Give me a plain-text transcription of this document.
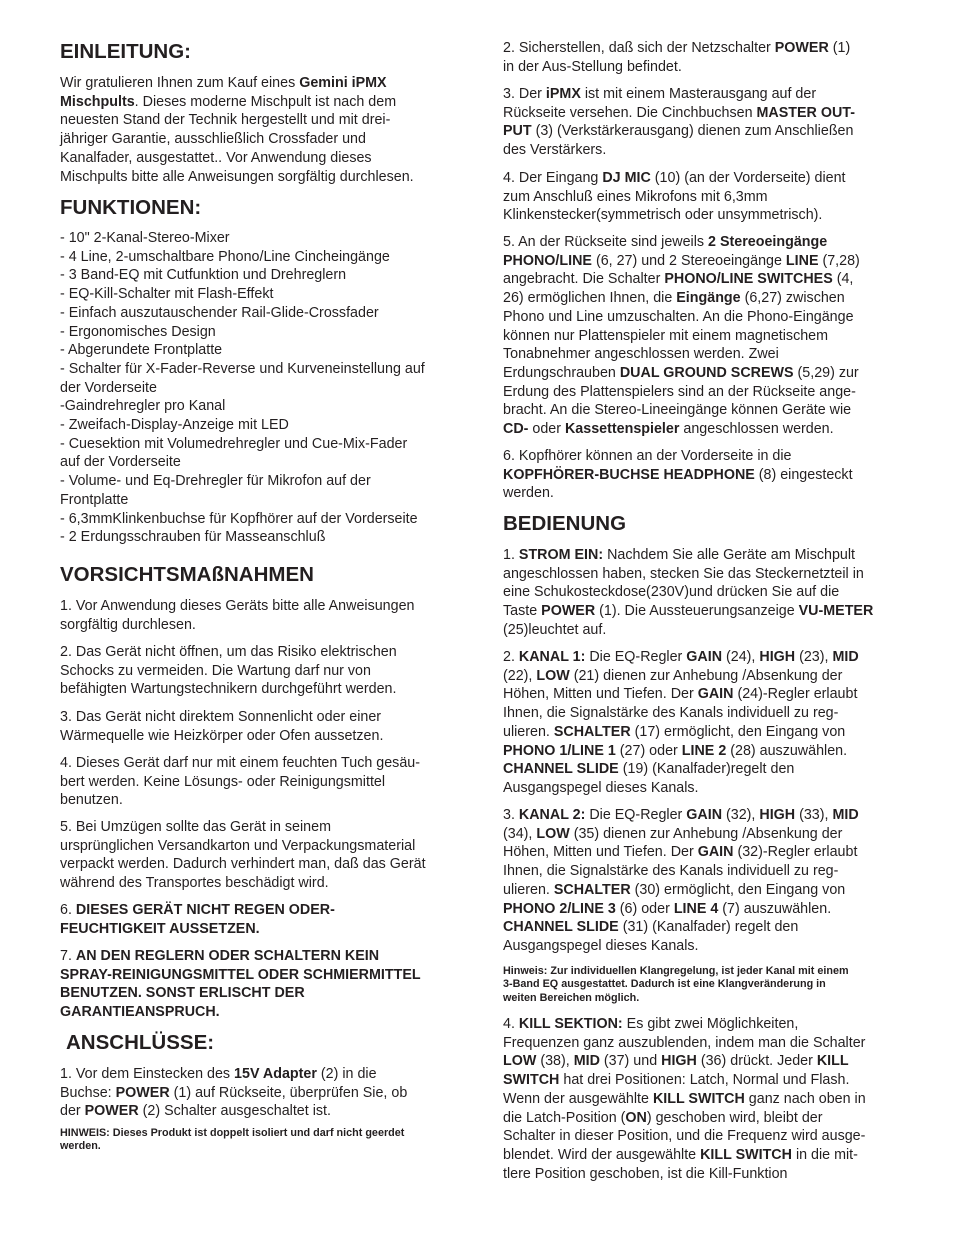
EINLEITUNG:
Wir gratulieren Ihnen zum Kauf eines Gemini iPMX
Mischpults. Dieses moderne Mischpult ist nach dem
neuesten Stand der Technik hergestellt und mit drei-
jähriger Garantie, ausschließlich Crossfader und
Kanalfader, ausgestattet.. Vor Anwendung dieses
Mischpults bitte alle Anweisungen sorgfältig durchlesen.
FUNKTIONEN:
- 10" 2-Kanal-Stereo-Mixer
- 4 Line, 2-umschaltbare Phono/Line Cincheingänge
- 3 Band-EQ mit Cutfunktion und Drehreglern
- EQ-Kill-Schalter mit Flash-Effekt
- Einfach auszutauschender Rail-Glide-Crossfader
- Ergonomisches Design
- Abgerundete Frontplatte
- Schalter für X-Fader-Reverse und Kurveneinstellung auf
der Vorderseite
-Gaindrehregler pro Kanal
- Zweifach-Display-Anzeige mit LED
- Cuesektion mit Volumedrehregler und Cue-Mix-Fader
auf der Vorderseite
- Volume- und Eq-Drehregler für Mikrofon auf der
Frontplatte
- 6,3mmKlinkenbuchse für Kopfhörer auf der Vorderseite
- 2 Erdungsschrauben für Masseanschluß
VORSICHTSMAßNAHMEN
1. Vor Anwendung dieses Geräts bitte alle Anweisungen
sorgfältig durchlesen.
2. Das Gerät nicht öffnen, um das Risiko elektrischen
Schocks zu vermeiden. Die Wartung darf nur von
befähigten Wartungstechnikern durchgeführt werden.
3. Das Gerät nicht direktem Sonnenlicht oder einer
Wärmequelle wie Heizkörper oder Ofen aussetzen.
4. Dieses Gerät darf nur mit einem feuchten Tuch gesäu-
bert werden. Keine Lösungs- oder Reinigungsmittel
benutzen.
5. Bei Umzügen sollte das Gerät in seinem
ursprünglichen Versandkarton und Verpackungsmaterial
verpackt werden. Dadurch verhindert man, daß das Gerät
während des Transportes beschädigt wird.
6. DIESES GERÄT NICHT REGEN ODER-
FEUCHTIGKEIT AUSSETZEN.
7. AN DEN REGLERN ODER SCHALTERN KEIN
SPRAY-REINIGUNGSMITTEL ODER SCHMIERMITTEL
BENUTZEN. SONST ERLISCHT DER
GARANTIEANSPRUCH.
ANSCHLÜSSE:
1. Vor dem Einstecken des 15V Adapter (2) in die
Buchse: POWER (1) auf Rückseite, überprüfen Sie, ob
der POWER (2) Schalter ausgeschaltet ist.
HINWEIS: Dieses Produkt ist doppelt isoliert und darf nicht geerdet
werden.
2. Sicherstellen, daß sich der Netzschalter POWER (1)
in der Aus-Stellung befindet.
3. Der iPMX ist mit einem Masterausgang auf der
Rückseite versehen. Die Cinchbuchsen MASTER OUT-
PUT (3) (Verkstärkerausgang) dienen zum Anschließen
des Verstärkers.
4. Der Eingang DJ MIC (10) (an der Vorderseite) dient
zum Anschluß eines Mikrofons mit 6,3mm
Klinkenstecker(symmetrisch oder unsymmetrisch).
5. An der Rückseite sind jeweils 2 Stereoeingänge
PHONO/LINE (6, 27) und 2 Stereoeingänge LINE (7,28)
angebracht. Die Schalter PHONO/LINE SWITCHES (4,
26) ermöglichen Ihnen, die Eingänge (6,27) zwischen
Phono und Line umzuschalten. An die Phono-Eingänge
können nur Plattenspieler mit einem magnetischem
Tonabnehmer angeschlossen werden. Zwei
Erdungschrauben DUAL GROUND SCREWS (5,29) zur
Erdung des Plattenspielers sind an der Rückseite ange-
bracht. An die Stereo-Lineeingänge können Geräte wie
CD- oder Kassettenspieler angeschlossen werden.
6. Kopfhörer können an der Vorderseite in die
KOPFHÖRER-BUCHSE HEADPHONE (8) eingesteckt
werden.
BEDIENUNG
1. STROM EIN: Nachdem Sie alle Geräte am Mischpult
angeschlossen haben, stecken Sie das Steckernetzteil in
eine Schukosteckdose(230V)und drücken Sie auf die
Taste POWER (1). Die Aussteuerungsanzeige VU-METER
(25)leuchtet auf.
2. KANAL 1: Die EQ-Regler GAIN (24), HIGH (23), MID
(22), LOW (21) dienen zur Anhebung /Absenkung der
Höhen, Mitten und Tiefen. Der GAIN (24)-Regler erlaubt
Ihnen, die Signalstärke des Kanals individuell zu reg-
ulieren. SCHALTER (17) ermöglicht, den Eingang von
PHONO 1/LINE 1 (27) oder LINE 2 (28) auszuwählen.
CHANNEL SLIDE (19) (Kanalfader)regelt den
Ausgangspegel dieses Kanals.
3. KANAL 2: Die EQ-Regler GAIN (32), HIGH (33), MID
(34), LOW (35) dienen zur Anhebung /Absenkung der
Höhen, Mitten und Tiefen. Der GAIN (32)-Regler erlaubt
Ihnen, die Signalstärke des Kanals individuell zu reg-
ulieren. SCHALTER (30) ermöglicht, den Eingang von
PHONO 2/LINE 3 (6) oder LINE 4 (7) auszuwählen.
CHANNEL SLIDE (31) (Kanalfader) regelt den
Ausgangspegel dieses Kanals.
Hinweis: Zur individuellen Klangregelung, ist jeder Kanal mit einem
3-Band EQ ausgestattet. Dadurch ist eine Klangveränderung in
weiten Bereichen möglich.
4. KILL SEKTION: Es gibt zwei Möglichkeiten,
Frequenzen ganz auszublenden, indem man die Schalter
LOW (38), MID (37) und HIGH (36) drückt. Jeder KILL
SWITCH hat drei Positionen: Latch, Normal und Flash.
Wenn der ausgewählte KILL SWITCH ganz nach oben in
die Latch-Position (ON) geschoben wird, bleibt der
Schalter in dieser Position, und die Frequenz wird ausge-
blendet. Wird der ausgewählte KILL SWITCH in die mit-
tlere Position geschoben, ist die Kill-Funktion
